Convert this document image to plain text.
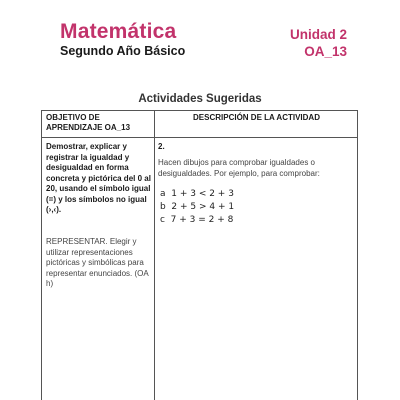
Matemática
Segundo Año Básico
Unidad 2
OA_13
Actividades Sugeridas
OBJETIVO DE APRENDIZAJE OA_13
DESCRIPCIÓN DE LA ACTIVIDAD
Demostrar, explicar y registrar la igualdad y desigualdad en forma concreta y pictórica del 0 al 20, usando el símbolo igual (=) y los símbolos no igual (›,‹).
REPRESENTAR. Elegir y utilizar representaciones pictóricas y simbólicas para representar enunciados. (OA h)
2.
Hacen dibujos para comprobar igualdades o desigualdades. Por ejemplo, para comprobar:
a  1 + 3 < 2 + 3
b  2 + 5 > 4 + 1
c  7 + 3 = 2 + 8
